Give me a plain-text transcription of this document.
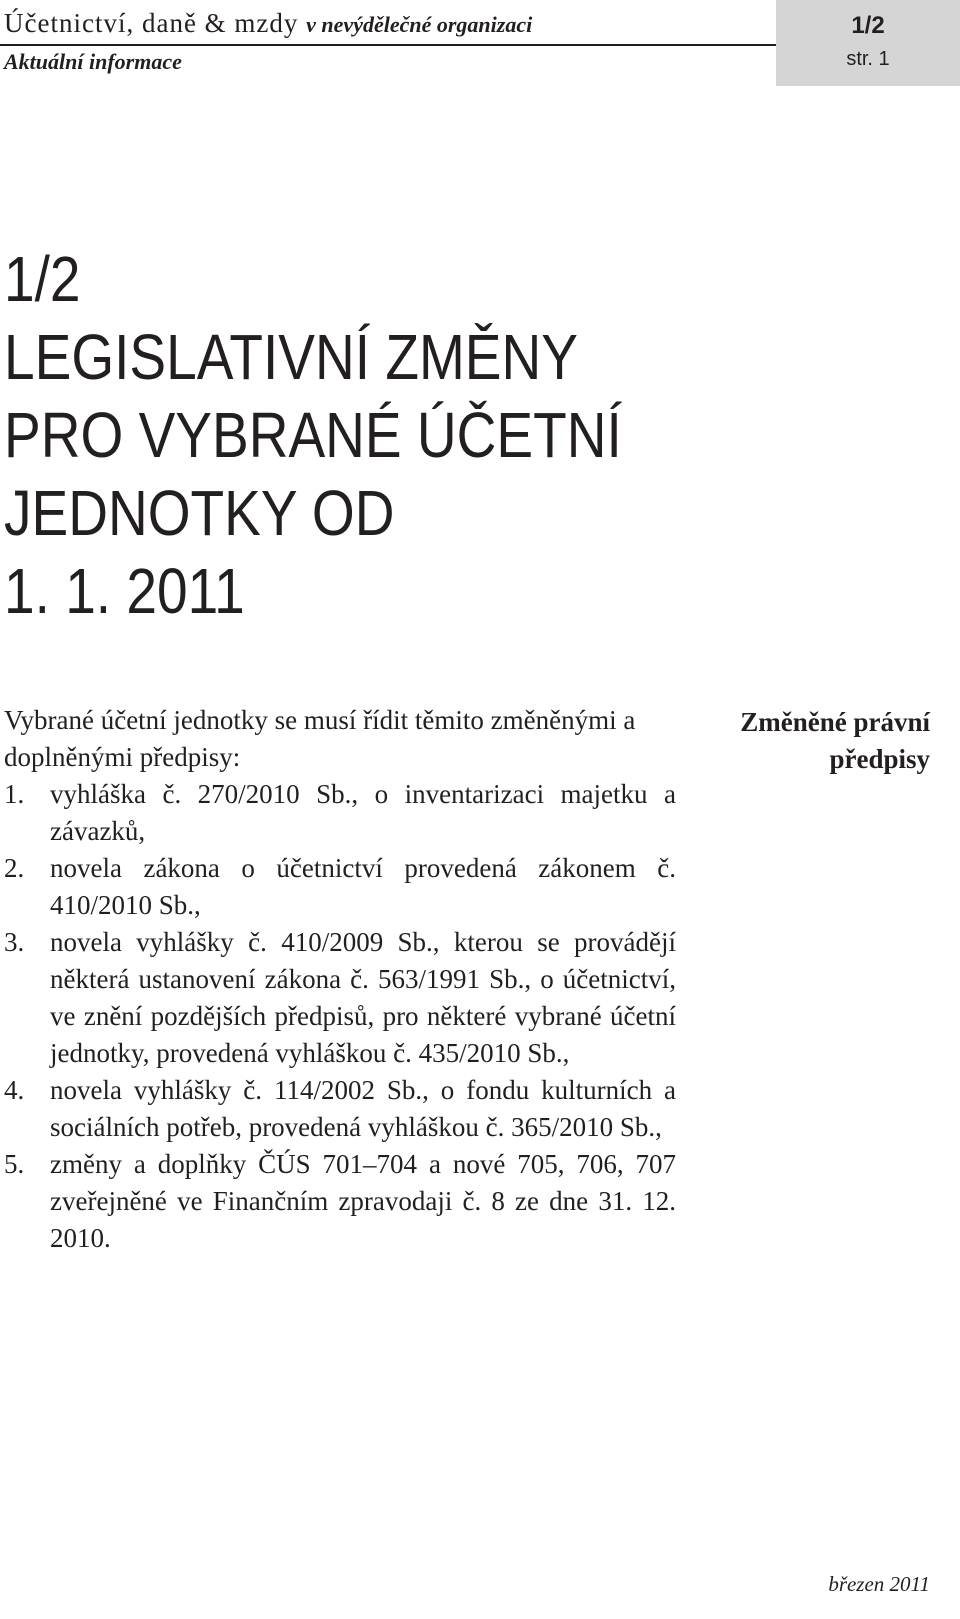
Účetnictví, daně & mzdy v nevýdělečné organizaci
Aktuální informace
1/2
str. 1
1/2
LEGISLATIVNÍ ZMĚNY
PRO VYBRANÉ ÚČETNÍ
JEDNOTKY OD
1. 1. 2011

Vybrané účetní jednotky se musí řídit těmito změněnými a doplněnými předpisy:

1. vyhláška č. 270/2010 Sb., o inventarizaci majetku a závazků,
2. novela zákona o účetnictví provedená zákonem č. 410/2010 Sb.,
3. novela vyhlášky č. 410/2009 Sb., kterou se provádějí některá ustanovení zákona č. 563/1991 Sb., o účetnictví, ve znění pozdějších předpisů, pro některé vybrané účetní jednotky, provedená vyhláškou č. 435/2010 Sb.,
4. novela vyhlášky č. 114/2002 Sb., o fondu kulturních a sociálních potřeb, provedená vyhláškou č. 365/2010 Sb.,
5. změny a doplňky ČÚS 701–704 a nové 705, 706, 707 zveřejněné ve Finančním zpravodaji č. 8 ze dne 31. 12. 2010.
Změněné právní předpisy
březen 2011
